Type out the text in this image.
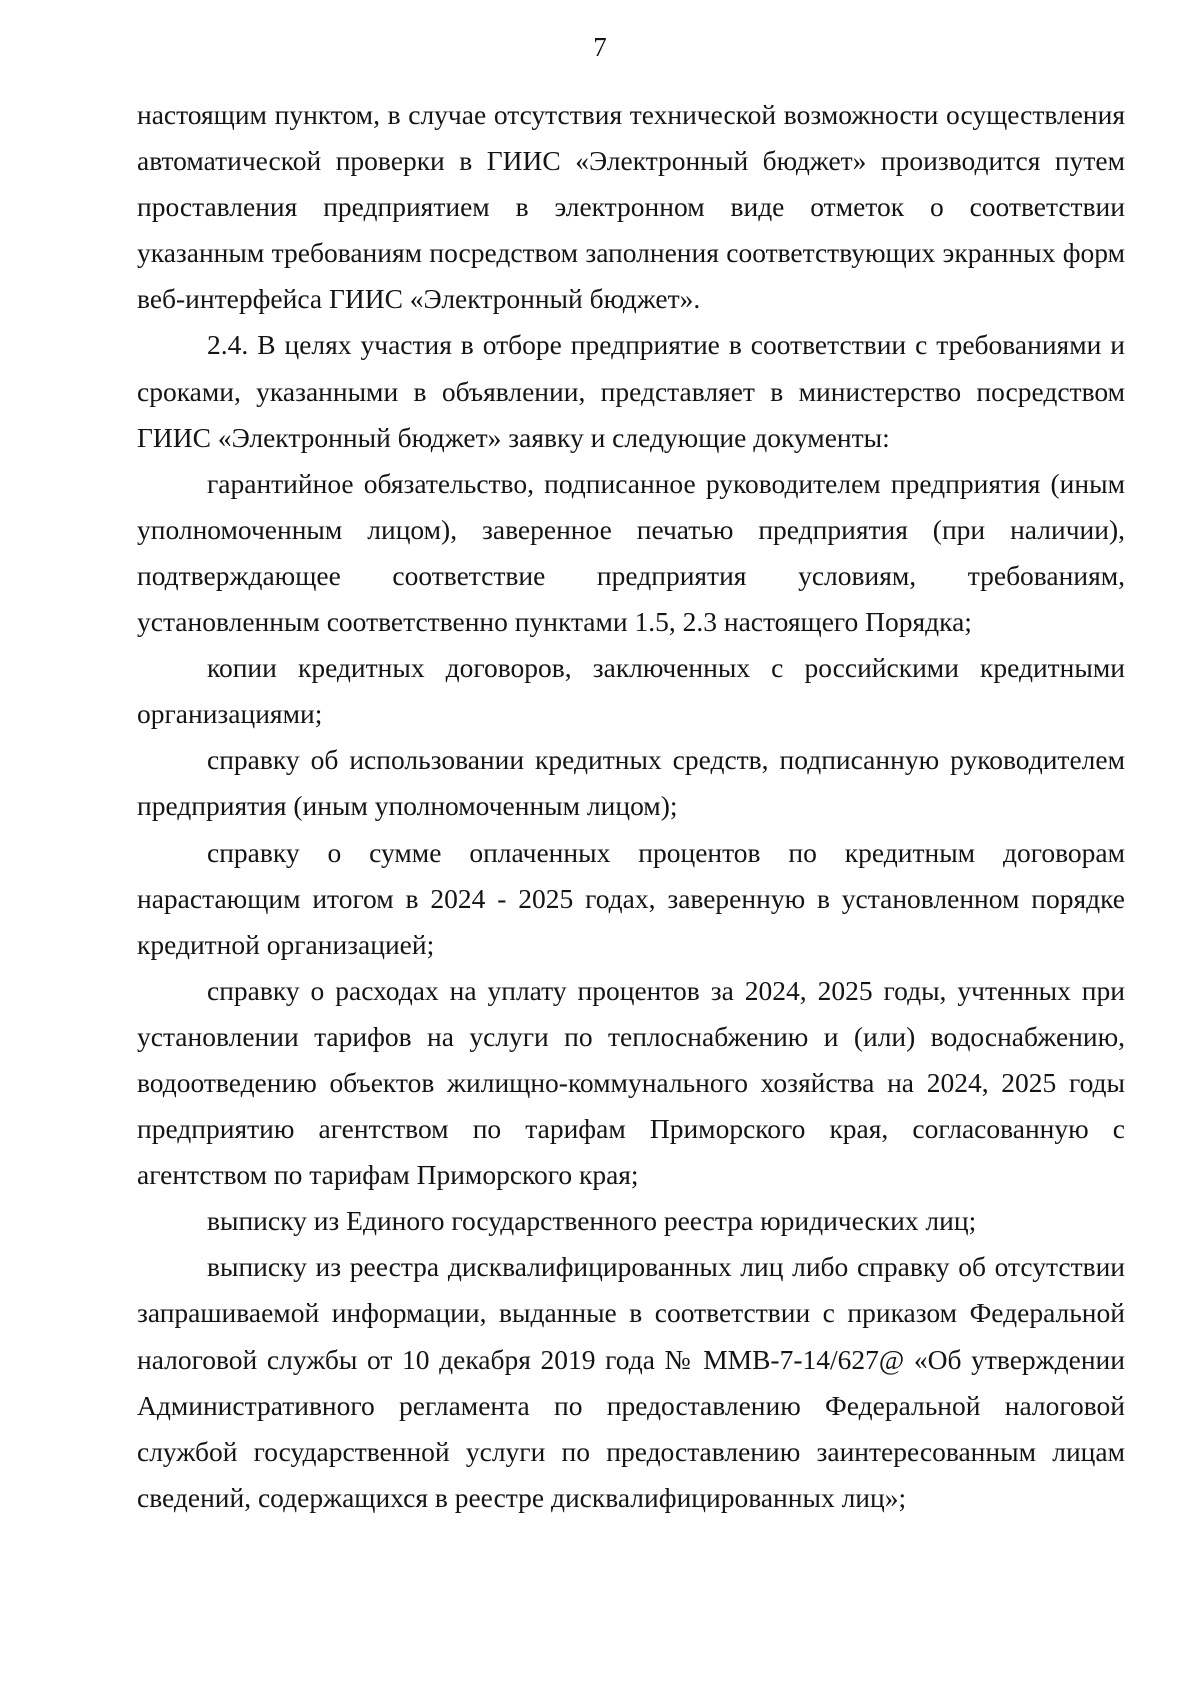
7

настоящим пунктом, в случае отсутствия технической возможности осуществления автоматической проверки в ГИИС «Электронный бюджет» производится путем проставления предприятием в электронном виде отметок о соответствии указанным требованиям посредством заполнения соответствующих экранных форм веб-интерфейса ГИИС «Электронный бюджет».

2.4. В целях участия в отборе предприятие в соответствии с требованиями и сроками, указанными в объявлении, представляет в министерство посредством ГИИС «Электронный бюджет» заявку и следующие документы:

гарантийное обязательство, подписанное руководителем предприятия (иным уполномоченным лицом), заверенное печатью предприятия (при наличии), подтверждающее соответствие предприятия условиям, требованиям, установленным соответственно пунктами 1.5, 2.3 настоящего Порядка;

копии кредитных договоров, заключенных с российскими кредитными организациями;

справку об использовании кредитных средств, подписанную руководителем предприятия (иным уполномоченным лицом);

справку о сумме оплаченных процентов по кредитным договорам нарастающим итогом в 2024 - 2025 годах, заверенную в установленном порядке кредитной организацией;

справку о расходах на уплату процентов за 2024, 2025 годы, учтенных при установлении тарифов на услуги по теплоснабжению и (или) водоснабжению, водоотведению объектов жилищно-коммунального хозяйства на 2024, 2025 годы предприятию агентством по тарифам Приморского края, согласованную с агентством по тарифам Приморского края;

выписку из Единого государственного реестра юридических лиц;

выписку из реестра дисквалифицированных лиц либо справку об отсутствии запрашиваемой информации, выданные в соответствии с приказом Федеральной налоговой службы от 10 декабря 2019 года № ММВ-7-14/627@ «Об утверждении Административного регламента по предоставлению Федеральной налоговой службой государственной услуги по предоставлению заинтересованным лицам сведений, содержащихся в реестре дисквалифицированных лиц»;
